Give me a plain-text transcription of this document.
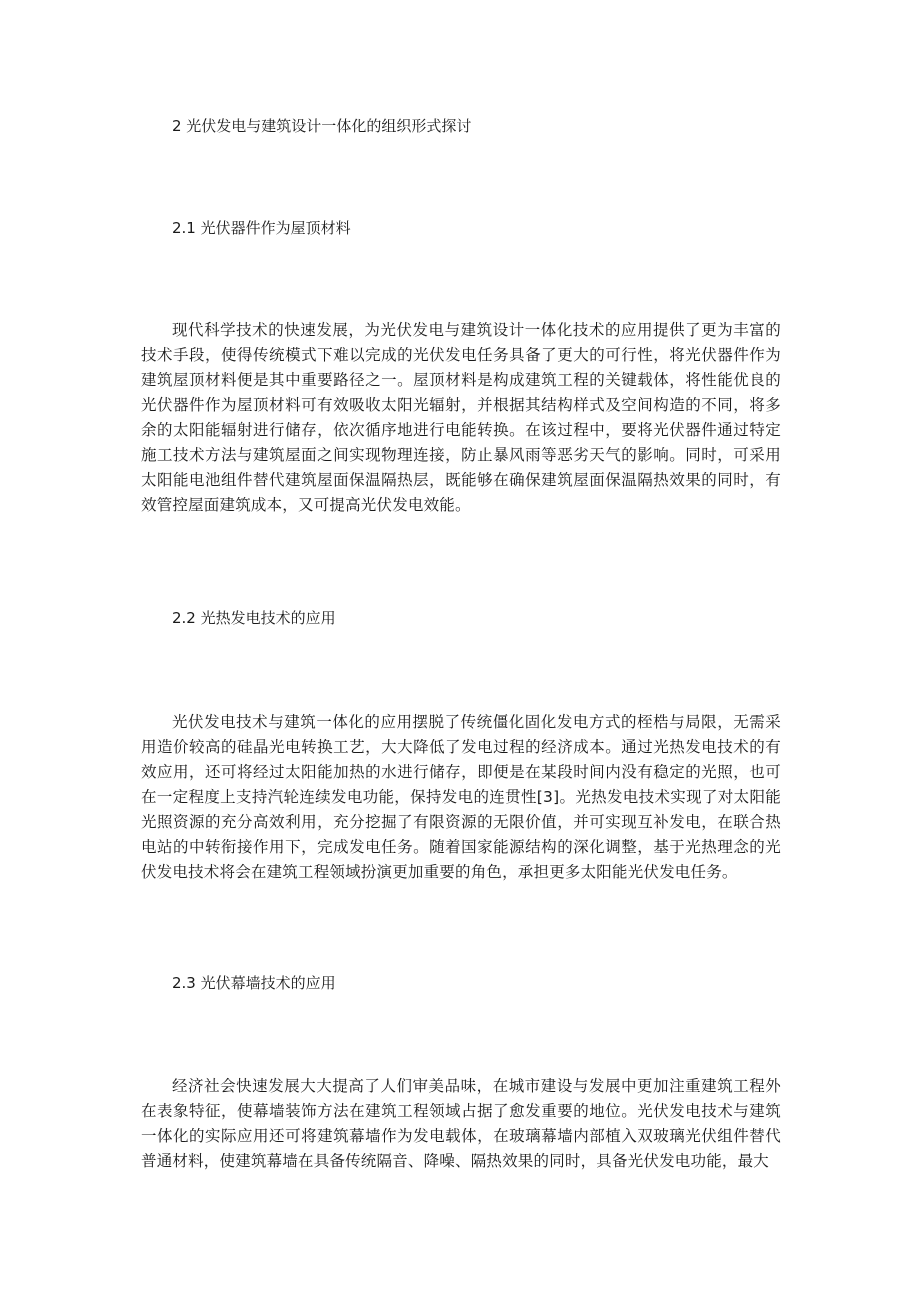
2 光伏发电与建筑设计一体化的组织形式探讨
2.1 光伏器件作为屋顶材料

现代科学技术的快速发展，为光伏发电与建筑设计一体化技术的应用提供了更为丰富的技术手段，使得传统模式下难以完成的光伏发电任务具备了更大的可行性，将光伏器件作为建筑屋顶材料便是其中重要路径之一。屋顶材料是构成建筑工程的关键载体，将性能优良的光伏器件作为屋顶材料可有效吸收太阳光辐射，并根据其结构样式及空间构造的不同，将多余的太阳能辐射进行储存，依次循序地进行电能转换。在该过程中，要将光伏器件通过特定施工技术方法与建筑屋面之间实现物理连接，防止暴风雨等恶劣天气的影响。同时，可采用太阳能电池组件替代建筑屋面保温隔热层，既能够在确保建筑屋面保温隔热效果的同时，有效管控屋面建筑成本，又可提高光伏发电效能。

2.2 光热发电技术的应用

光伏发电技术与建筑一体化的应用摆脱了传统僵化固化发电方式的桎梏与局限，无需采用造价较高的硅晶光电转换工艺，大大降低了发电过程的经济成本。通过光热发电技术的有效应用，还可将经过太阳能加热的水进行储存，即便是在某段时间内没有稳定的光照，也可在一定程度上支持汽轮连续发电功能，保持发电的连贯性[3]。光热发电技术实现了对太阳能光照资源的充分高效利用，充分挖掘了有限资源的无限价值，并可实现互补发电，在联合热电站的中转衔接作用下，完成发电任务。随着国家能源结构的深化调整，基于光热理念的光伏发电技术将会在建筑工程领域扮演更加重要的角色，承担更多太阳能光伏发电任务。

2.3 光伏幕墙技术的应用

经济社会快速发展大大提高了人们审美品味，在城市建设与发展中更加注重建筑工程外在表象特征，使幕墙装饰方法在建筑工程领域占据了愈发重要的地位。光伏发电技术与建筑一体化的实际应用还可将建筑幕墙作为发电载体，在玻璃幕墙内部植入双玻璃光伏组件替代普通材料，使建筑幕墙在具备传统隔音、降噪、隔热效果的同时，具备光伏发电功能，最大
